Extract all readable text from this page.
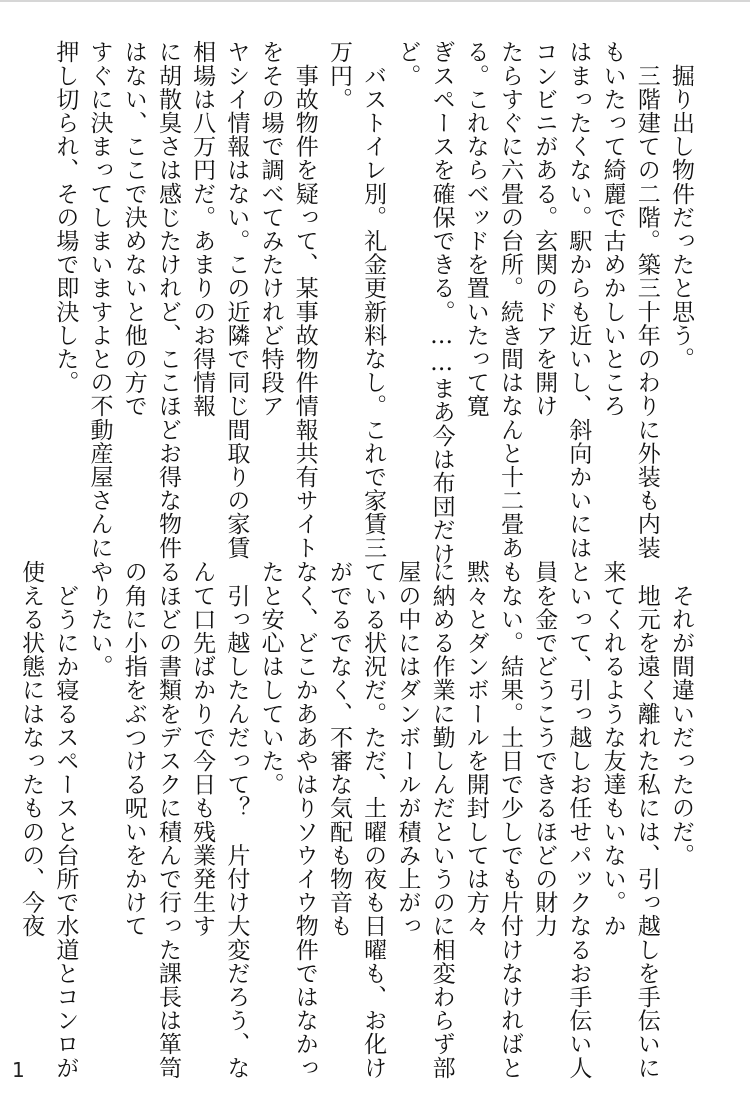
　掘り出し物件だったと思う。
　三階建ての二階。築三十年のわりに外装も内装
もいたって綺麗で古めかしいところ
はまったくない。駅からも近いし、斜向かいには
コンビニがある。玄関のドアを開け
たらすぐに六畳の台所。続き間はなんと十二畳あ
る。これならベッドを置いたって寛
ぎスペースを確保できる。……まあ今は布団だけ
ど。
　バストイレ別。礼金更新料なし。これで家賃三
万円。
　事故物件を疑って、某事故物件情報共有サイト
をその場で調べてみたけれど特段ア
ヤシイ情報はない。この近隣で同じ間取りの家賃
相場は八万円だ。あまりのお得情報
に胡散臭さは感じたけれど、ここほどお得な物件
はない、ここで決めないと他の方で
すぐに決まってしまいますよとの不動産屋さんに
押し切られ、その場で即決した。
　それが間違いだったのだ。
　地元を遠く離れた私には、引っ越しを手伝いに
来てくれるような友達もいない。か
といって、引っ越しお任せパックなるお手伝い人
員を金でどうこうできるほどの財力
もない。結果。土日で少しでも片付けなければと
黙々とダンボールを開封しては方々
に納める作業に勤しんだというのに相変わらず部
屋の中にはダンボールが積み上がっ
ている状況だ。ただ、土曜の夜も日曜も、お化け
がでるでなく、不審な気配も物音も
なく、どこかああやはりソウイウ物件ではなかっ
たと安心はしていた。
　引っ越したんだって？　片付け大変だろう、な
んて口先ばかりで今日も残業発生す
るほどの書類をデスクに積んで行った課長は箪笥
の角に小指をぶつける呪いをかけて
やりたい。
　どうにか寝るスペースと台所で水道とコンロが
使える状態にはなったものの、今夜
1
